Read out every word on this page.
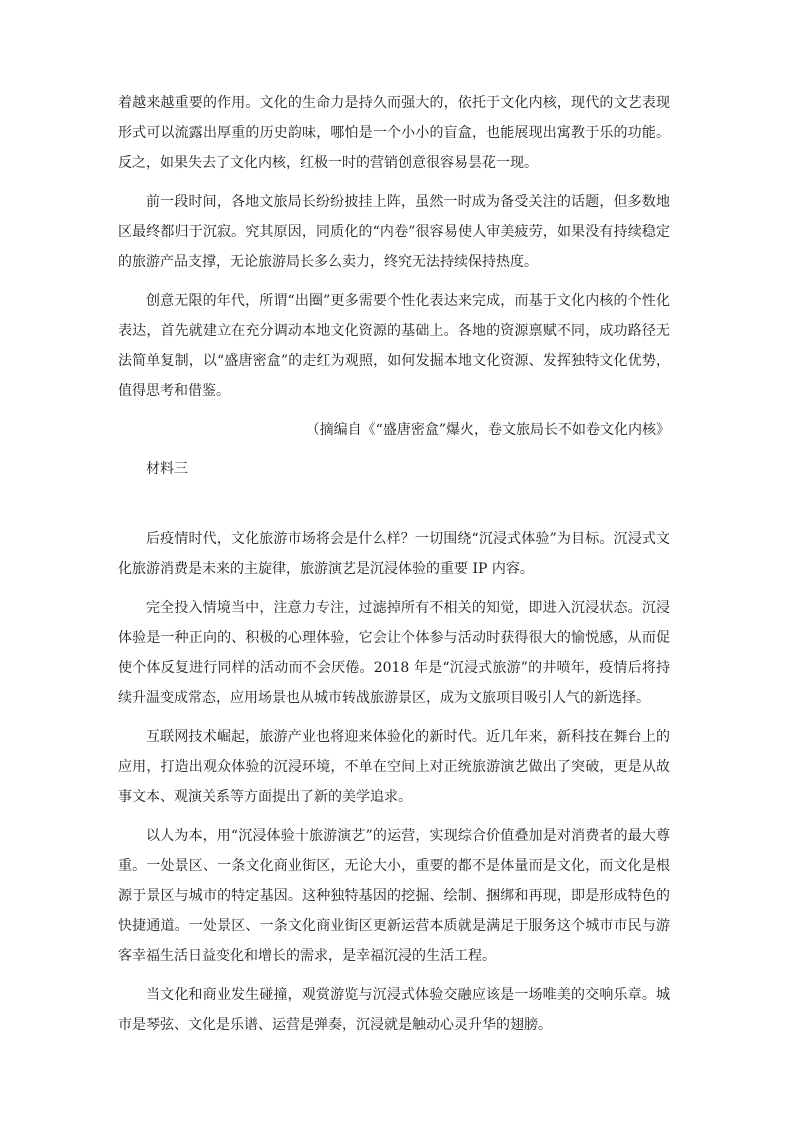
着越来越重要的作用。文化的生命力是持久而强大的，依托于文化内核，现代的文艺表现形式可以流露出厚重的历史韵味，哪怕是一个小小的盲盒，也能展现出寓教于乐的功能。反之，如果失去了文化内核，红极一时的营销创意很容易昙花一现。

前一段时间，各地文旅局长纷纷披挂上阵，虽然一时成为备受关注的话题，但多数地区最终都归于沉寂。究其原因，同质化的“内卷”很容易使人审美疲劳，如果没有持续稳定的旅游产品支撑，无论旅游局长多么卖力，终究无法持续保持热度。

创意无限的年代，所谓“出圈”更多需要个性化表达来完成，而基于文化内核的个性化表达，首先就建立在充分调动本地文化资源的基础上。各地的资源禀赋不同，成功路径无法简单复制，以“盛唐密盒”的走红为观照，如何发掘本地文化资源、发挥独特文化优势，值得思考和借鉴。

（摘编自《“盛唐密盒”爆火，卷文旅局长不如卷文化内核》

材料三

后疫情时代，文化旅游市场将会是什么样？一切围绕“沉浸式体验”为目标。沉浸式文化旅游消费是未来的主旋律，旅游演艺是沉浸体验的重要 IP 内容。

完全投入情境当中，注意力专注，过滤掉所有不相关的知觉，即进入沉浸状态。沉浸体验是一种正向的、积极的心理体验，它会让个体参与活动时获得很大的愉悦感，从而促使个体反复进行同样的活动而不会厌倦。2018 年是“沉浸式旅游”的井喷年，疫情后将持续升温变成常态，应用场景也从城市转战旅游景区，成为文旅项目吸引人气的新选择。

互联网技术崛起，旅游产业也将迎来体验化的新时代。近几年来，新科技在舞台上的应用，打造出观众体验的沉浸环境，不单在空间上对正统旅游演艺做出了突破，更是从故事文本、观演关系等方面提出了新的美学追求。

以人为本，用“沉浸体验十旅游演艺”的运营，实现综合价值叠加是对消费者的最大尊重。一处景区、一条文化商业街区，无论大小，重要的都不是体量而是文化，而文化是根源于景区与城市的特定基因。这种独特基因的挖掘、绘制、捆绑和再现，即是形成特色的快捷通道。一处景区、一条文化商业街区更新运营本质就是满足于服务这个城市市民与游客幸福生活日益变化和增长的需求，是幸福沉浸的生活工程。

当文化和商业发生碰撞，观赏游览与沉浸式体验交融应该是一场唯美的交响乐章。城市是琴弦、文化是乐谱、运营是弹奏，沉浸就是触动心灵升华的翅膀。
